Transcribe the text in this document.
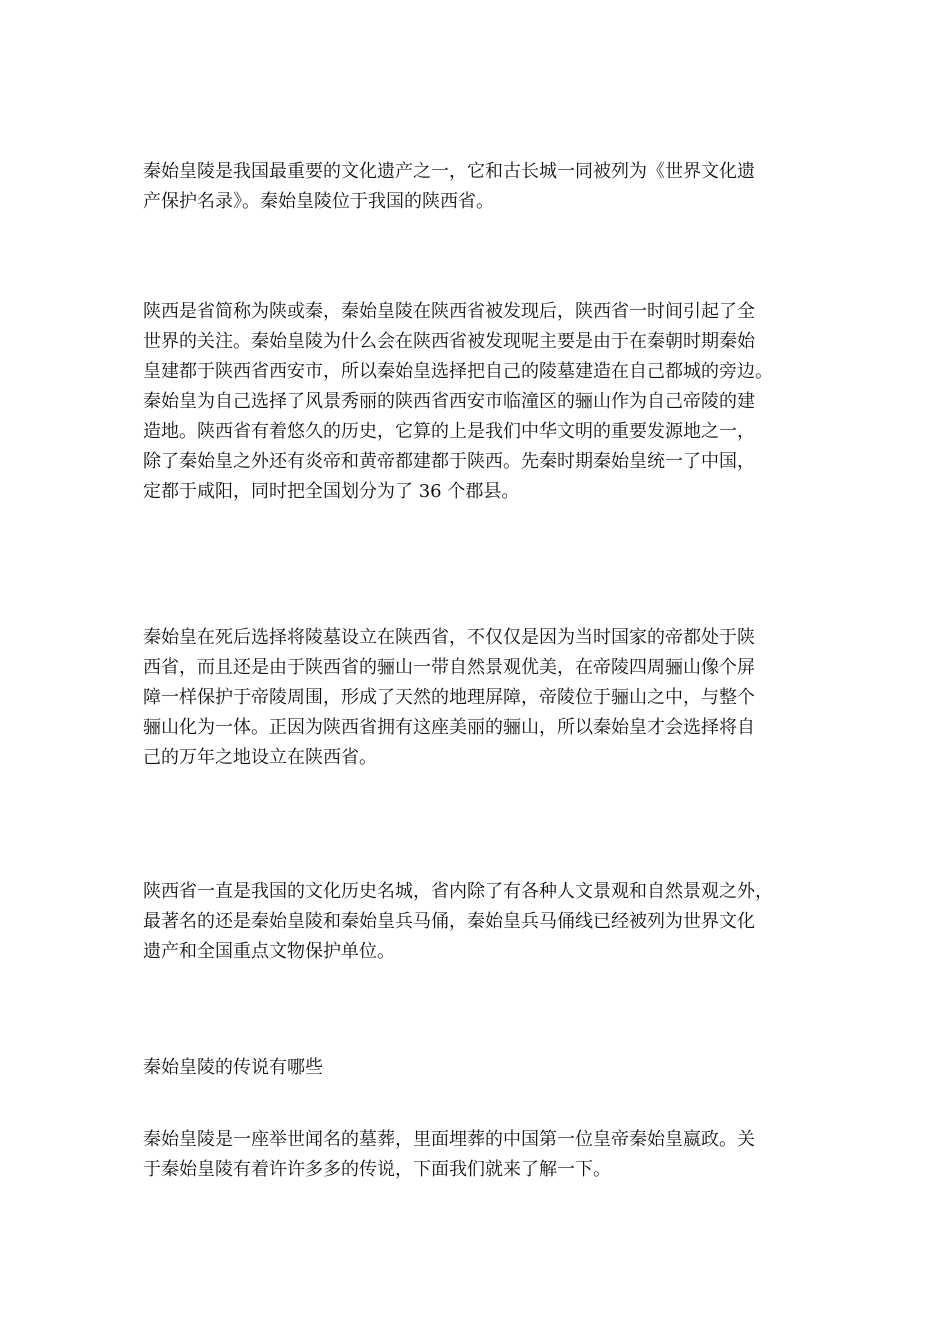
秦始皇陵是我国最重要的文化遗产之一，它和古长城一同被列为《世界文化遗
产保护名录》。秦始皇陵位于我国的陕西省。

陕西是省简称为陕或秦，秦始皇陵在陕西省被发现后，陕西省一时间引起了全
世界的关注。秦始皇陵为什么会在陕西省被发现呢主要是由于在秦朝时期秦始
皇建都于陕西省西安市，所以秦始皇选择把自己的陵墓建造在自己都城的旁边。
秦始皇为自己选择了风景秀丽的陕西省西安市临潼区的骊山作为自己帝陵的建
造地。陕西省有着悠久的历史，它算的上是我们中华文明的重要发源地之一，
除了秦始皇之外还有炎帝和黄帝都建都于陕西。先秦时期秦始皇统一了中国，
定都于咸阳，同时把全国划分为了 36 个郡县。

秦始皇在死后选择将陵墓设立在陕西省，不仅仅是因为当时国家的帝都处于陕
西省，而且还是由于陕西省的骊山一带自然景观优美，在帝陵四周骊山像个屏
障一样保护于帝陵周围，形成了天然的地理屏障，帝陵位于骊山之中，与整个
骊山化为一体。正因为陕西省拥有这座美丽的骊山，所以秦始皇才会选择将自
己的万年之地设立在陕西省。

陕西省一直是我国的文化历史名城，省内除了有各种人文景观和自然景观之外，
最著名的还是秦始皇陵和秦始皇兵马俑，秦始皇兵马俑线已经被列为世界文化
遗产和全国重点文物保护单位。

秦始皇陵的传说有哪些

秦始皇陵是一座举世闻名的墓葬，里面埋葬的中国第一位皇帝秦始皇嬴政。关
于秦始皇陵有着许许多多的传说，下面我们就来了解一下。
